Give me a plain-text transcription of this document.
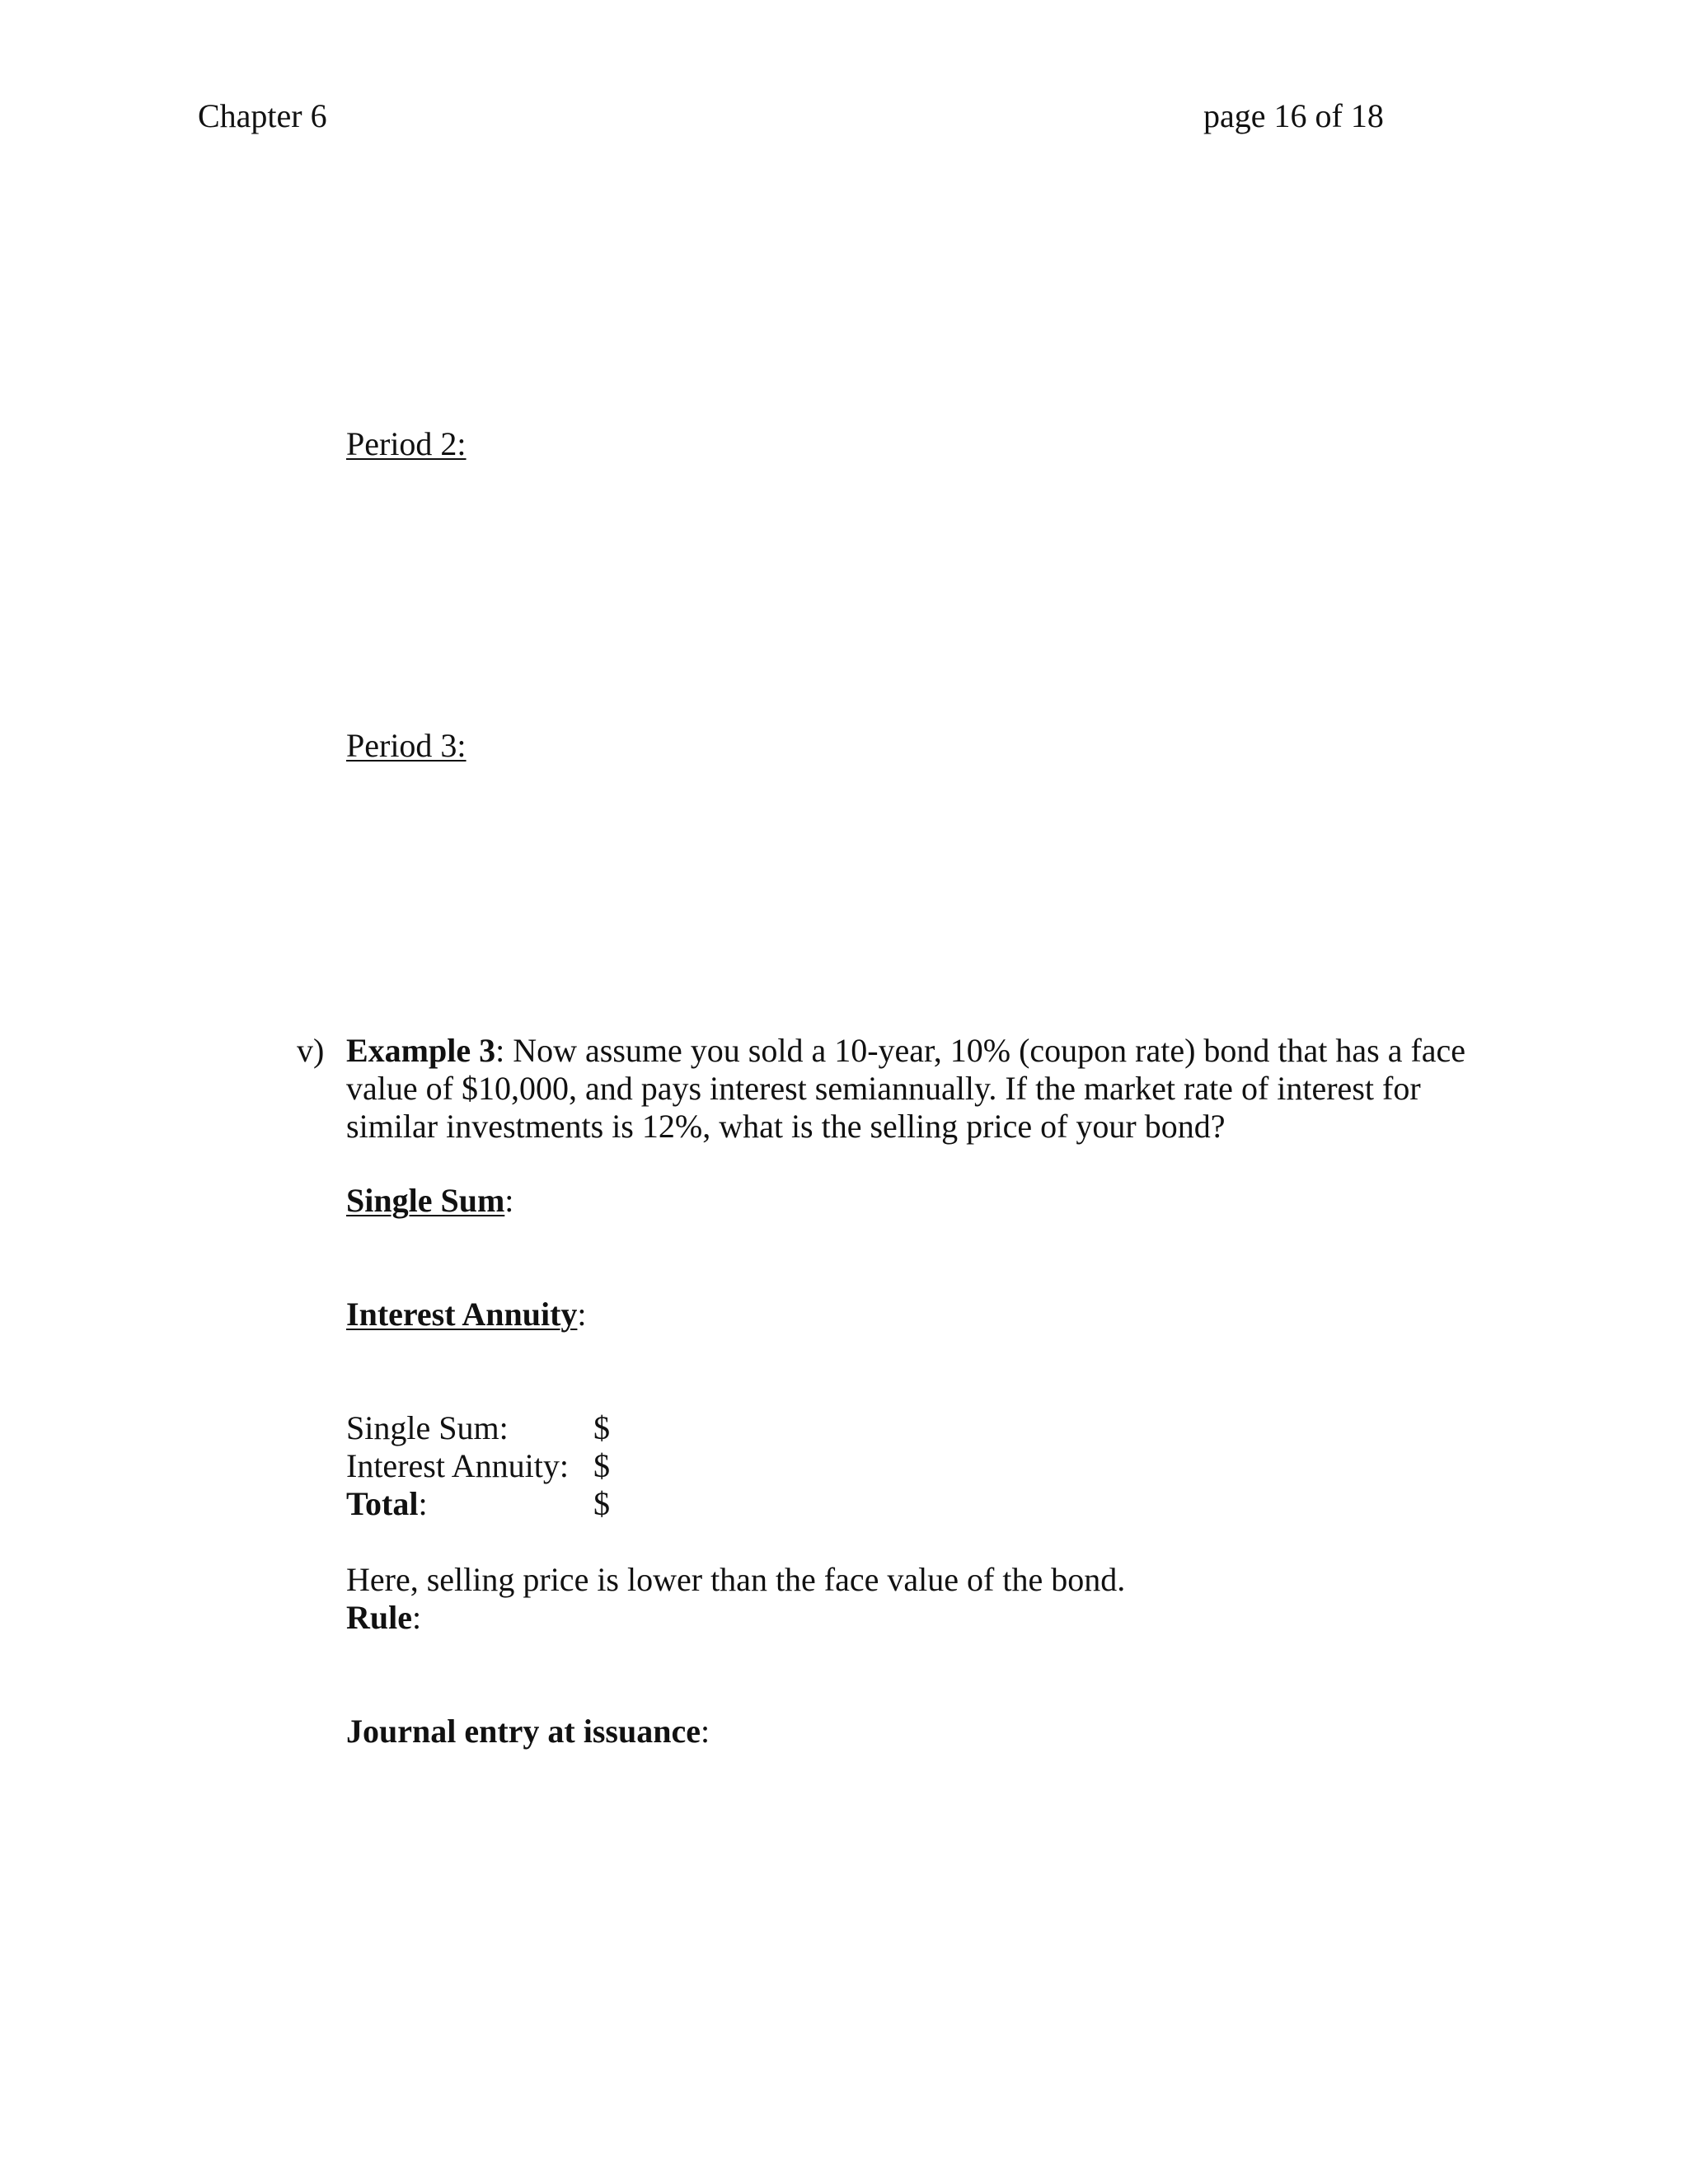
Chapter 6	page 16 of 18
Period 2:
Period 3:
v) Example 3: Now assume you sold a 10-year, 10% (coupon rate) bond that has a face
value of $10,000, and pays interest semiannually. If the market rate of interest for
similar investments is 12%, what is the selling price of your bond?
Single Sum:
Interest Annuity:
Single Sum:	$
Interest Annuity: $
Total:	$
Here, selling price is lower than the face value of the bond.
Rule:
Journal entry at issuance:
